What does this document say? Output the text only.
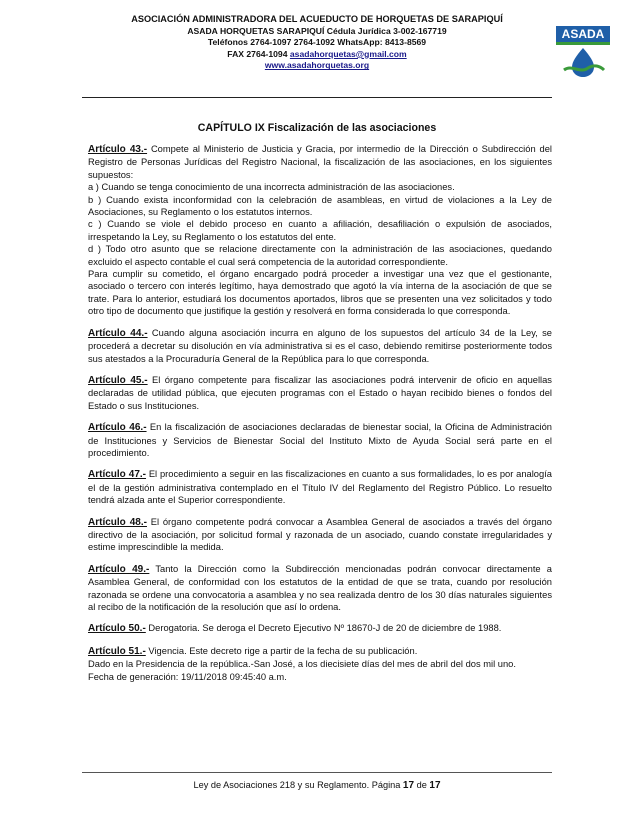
ASOCIACIÓN ADMINISTRADORA DEL ACUEDUCTO DE HORQUETAS DE SARAPIQUÍ
ASADA HORQUETAS SARAPIQUÍ Cédula Jurídica 3-002-167719
Teléfonos 2764-1097 2764-1092 WhatsApp: 8413-8569
FAX 2764-1094 asadahorquetas@gmail.com
www.asadahorquetas.org
ASADA
CAPÍTULO IX Fiscalización de las asociaciones

Artículo 43.- Compete al Ministerio de Justicia y Gracia, por intermedio de la Dirección o Subdirección del Registro de Personas Jurídicas del Registro Nacional, la fiscalización de las asociaciones, en los siguientes supuestos:

a ) Cuando se tenga conocimiento de una incorrecta administración de las asociaciones.

b ) Cuando exista inconformidad con la celebración de asambleas, en virtud de violaciones a la Ley de Asociaciones, su Reglamento o los estatutos internos.

c ) Cuando se viole el debido proceso en cuanto a afiliación, desafiliación o expulsión de asociados, irrespetando la Ley, su Reglamento o los estatutos del ente.

d ) Todo otro asunto que se relacione directamente con la administración de las asociaciones, quedando excluido el aspecto contable el cual será competencia de la autoridad correspondiente.

Para cumplir su cometido, el órgano encargado podrá proceder a investigar una vez que el gestionante, asociado o tercero con interés legítimo, haya demostrado que agotó la vía interna de la asociación de que se trate. Para lo anterior, estudiará los documentos aportados, libros que se presenten una vez solicitados y todo otro tipo de documento que justifique la gestión y resolverá en forma considerada lo que corresponda.

Artículo 44.- Cuando alguna asociación incurra en alguno de los supuestos del artículo 34 de la Ley, se procederá a decretar su disolución en vía administrativa si es el caso, debiendo remitirse posteriormente todos sus atestados a la Procuraduría General de la República para lo que corresponda.

Artículo 45.- El órgano competente para fiscalizar las asociaciones podrá intervenir de oficio en aquellas declaradas de utilidad pública, que ejecuten programas con el Estado o hayan recibido bienes o fondos del Estado o sus Instituciones.

Artículo 46.- En la fiscalización de asociaciones declaradas de bienestar social, la Oficina de Administración de Instituciones y Servicios de Bienestar Social del Instituto Mixto de Ayuda Social será parte en el procedimiento.

Artículo 47.- El procedimiento a seguir en las fiscalizaciones en cuanto a sus formalidades, lo es por analogía el de la gestión administrativa contemplado en el Título IV del Reglamento del Registro Público. Lo resuelto tendrá alzada ante el Superior correspondiente.

Artículo 48.- El órgano competente podrá convocar a Asamblea General de asociados a través del órgano directivo de la asociación, por solicitud formal y razonada de un asociado, cuando constate irregularidades y estime imprescindible la medida.

Artículo 49.- Tanto la Dirección como la Subdirección mencionadas podrán convocar directamente a Asamblea General, de conformidad con los estatutos de la entidad de que se trata, cuando por resolución razonada se ordene una convocatoria a asamblea y no sea realizada dentro de los 30 días naturales siguientes al recibo de la notificación de la resolución que así lo ordena.

Artículo 50.- Derogatoria. Se deroga el Decreto Ejecutivo Nº 18670-J de 20 de diciembre de 1988.

Artículo 51.- Vigencia. Este decreto rige a partir de la fecha de su publicación.

Dado en la Presidencia de la república.-San José, a los diecisiete días del mes de abril del dos mil uno.

Fecha de generación: 19/11/2018 09:45:40 a.m.

Ley de Asociaciones 218 y su Reglamento. Página 17 de 17
